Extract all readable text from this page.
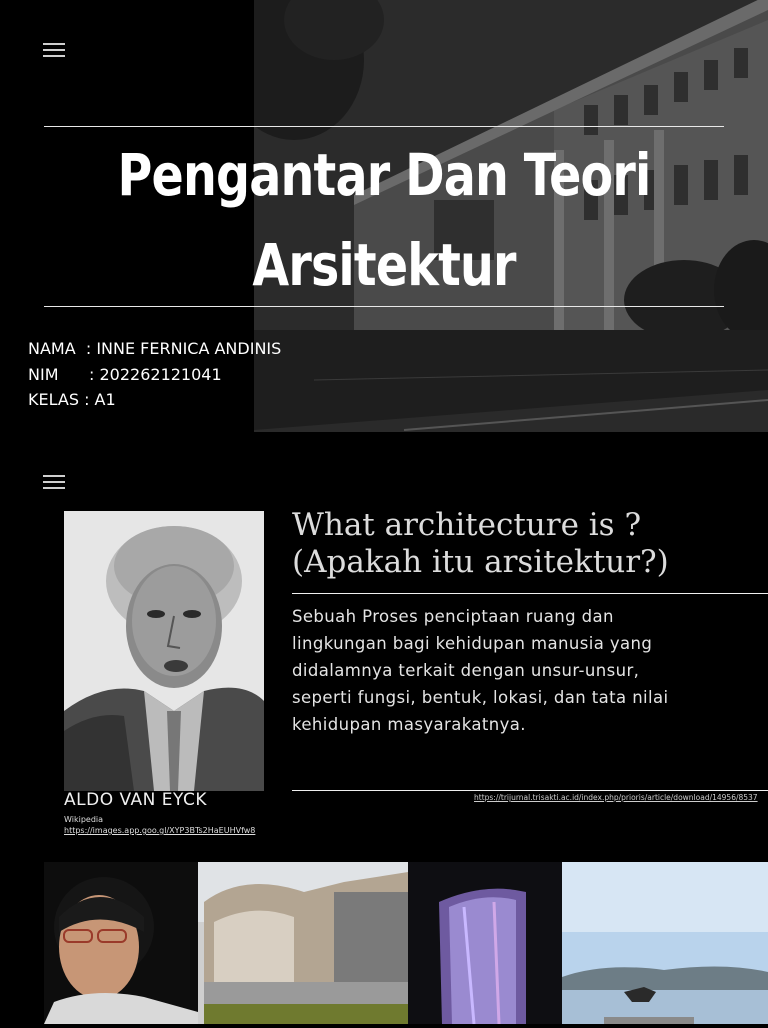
Pengantar Dan Teori
Arsitektur
NAMA  : INNE FERNICA ANDINIS
NIM      : 202262121041
KELAS : A1
What architecture is ?
(Apakah itu arsitektur?)
Sebuah Proses penciptaan ruang dan lingkungan bagi kehidupan manusia yang didalamnya terkait dengan unsur-unsur, seperti fungsi, bentuk, lokasi, dan tata nilai kehidupan masyarakatnya.
ALDO VAN EYCK
Wikipedia
https://images.app.goo.gl/XYP3BTs2HaEUHVfw8
https://trijurnal.trisakti.ac.id/index.php/prioris/article/download/14956/8537
